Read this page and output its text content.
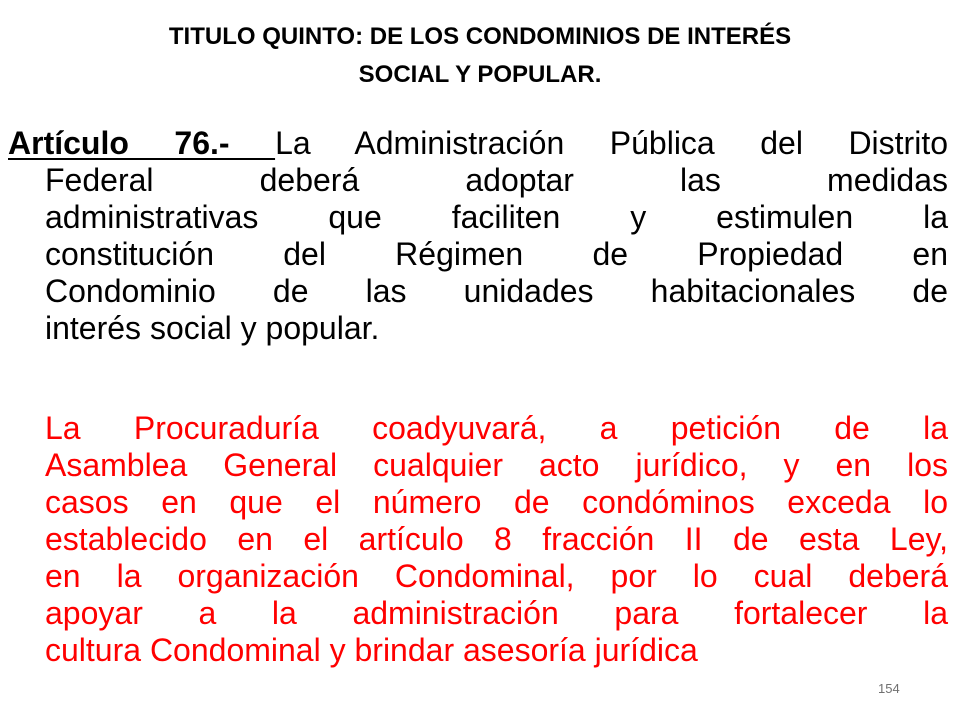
TITULO QUINTO: DE LOS CONDOMINIOS DE INTERÉS
SOCIAL Y POPULAR.
Artículo 76.- La Administración Pública del Distrito
Federal deberá adoptar las medidas
administrativas que faciliten y estimulen la
constitución del Régimen de Propiedad en
Condominio de las unidades habitacionales de
interés social y popular.
La Procuraduría coadyuvará, a petición de la
Asamblea General cualquier acto jurídico, y en los
casos en que el número de condóminos exceda lo
establecido en el artículo 8 fracción II de esta Ley,
en la organización Condominal, por lo cual deberá
apoyar a la administración para fortalecer la
cultura Condominal y brindar asesoría jurídica
154
